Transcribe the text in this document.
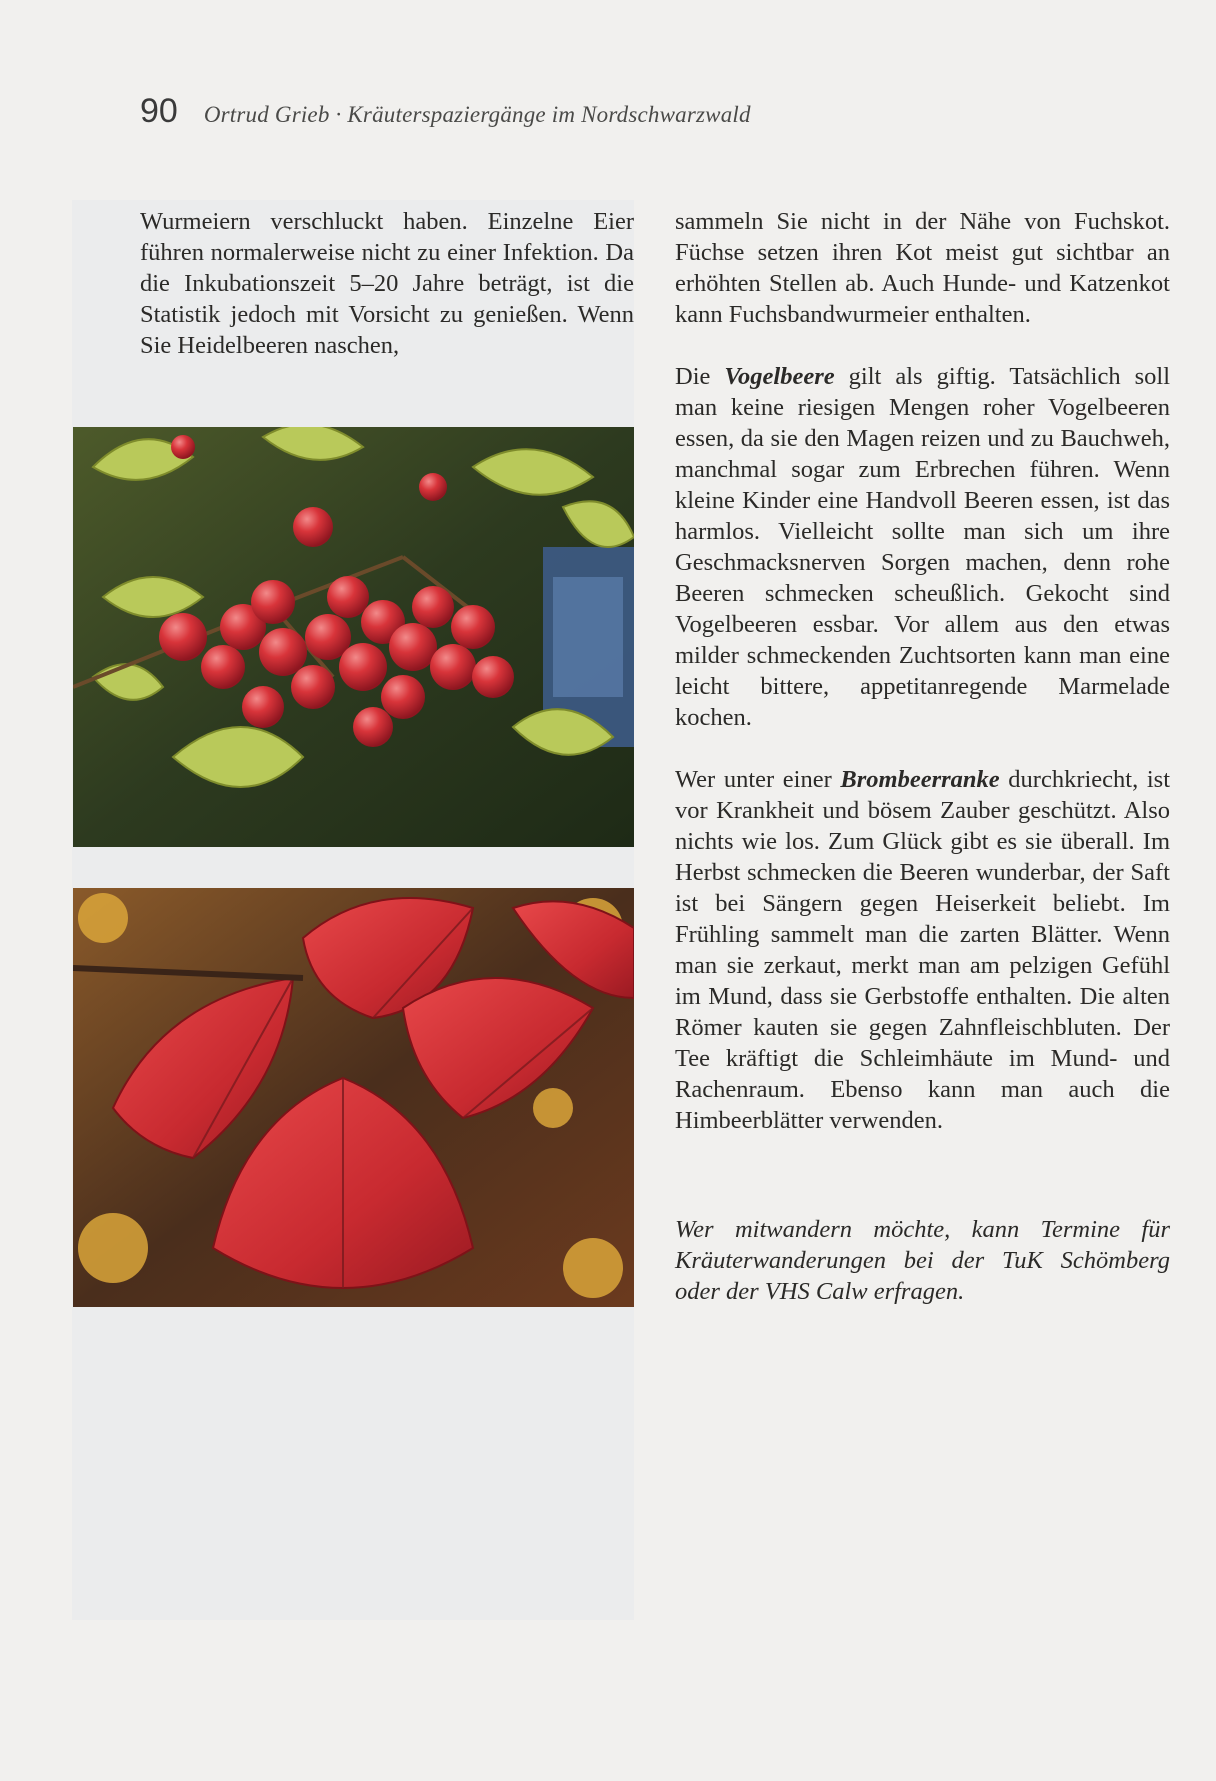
90 Ortrud Grieb · Kräuterspaziergänge im Nordschwarzwald

Wurmeiern verschluckt haben. Einzelne Eier führen normalerweise nicht zu einer Infektion. Da die Inkubationszeit 5–20 Jahre beträgt, ist die Statistik jedoch mit Vorsicht zu genießen. Wenn Sie Heidelbeeren naschen,

sammeln Sie nicht in der Nähe von Fuchskot. Füchse setzen ihren Kot meist gut sichtbar an erhöhten Stellen ab. Auch Hunde- und Katzenkot kann Fuchsbandwurmeier enthalten.

Die Vogelbeere gilt als giftig. Tatsächlich soll man keine riesigen Mengen roher Vogelbeeren essen, da sie den Magen reizen und zu Bauchweh, manchmal sogar zum Erbrechen führen. Wenn kleine Kinder eine Handvoll Beeren essen, ist das harmlos. Vielleicht sollte man sich um ihre Geschmacksnerven Sorgen machen, denn rohe Beeren schmecken scheußlich. Gekocht sind Vogelbeeren essbar. Vor allem aus den etwas milder schmeckenden Zuchtsorten kann man eine leicht bittere, appetitanregende Marmelade kochen.

Wer unter einer Brombeerranke durchkriecht, ist vor Krankheit und bösem Zauber geschützt. Also nichts wie los. Zum Glück gibt es sie überall. Im Herbst schmecken die Beeren wunderbar, der Saft ist bei Sängern gegen Heiserkeit beliebt. Im Frühling sammelt man die zarten Blätter. Wenn man sie zerkaut, merkt man am pelzigen Gefühl im Mund, dass sie Gerbstoffe enthalten. Die alten Römer kauten sie gegen Zahnfleischbluten. Der Tee kräftigt die Schleimhäute im Mund- und Rachenraum. Ebenso kann man auch die Himbeerblätter verwenden.

Wer mitwandern möchte, kann Termine für Kräuterwanderungen bei der TuK Schömberg oder der VHS Calw erfragen.
